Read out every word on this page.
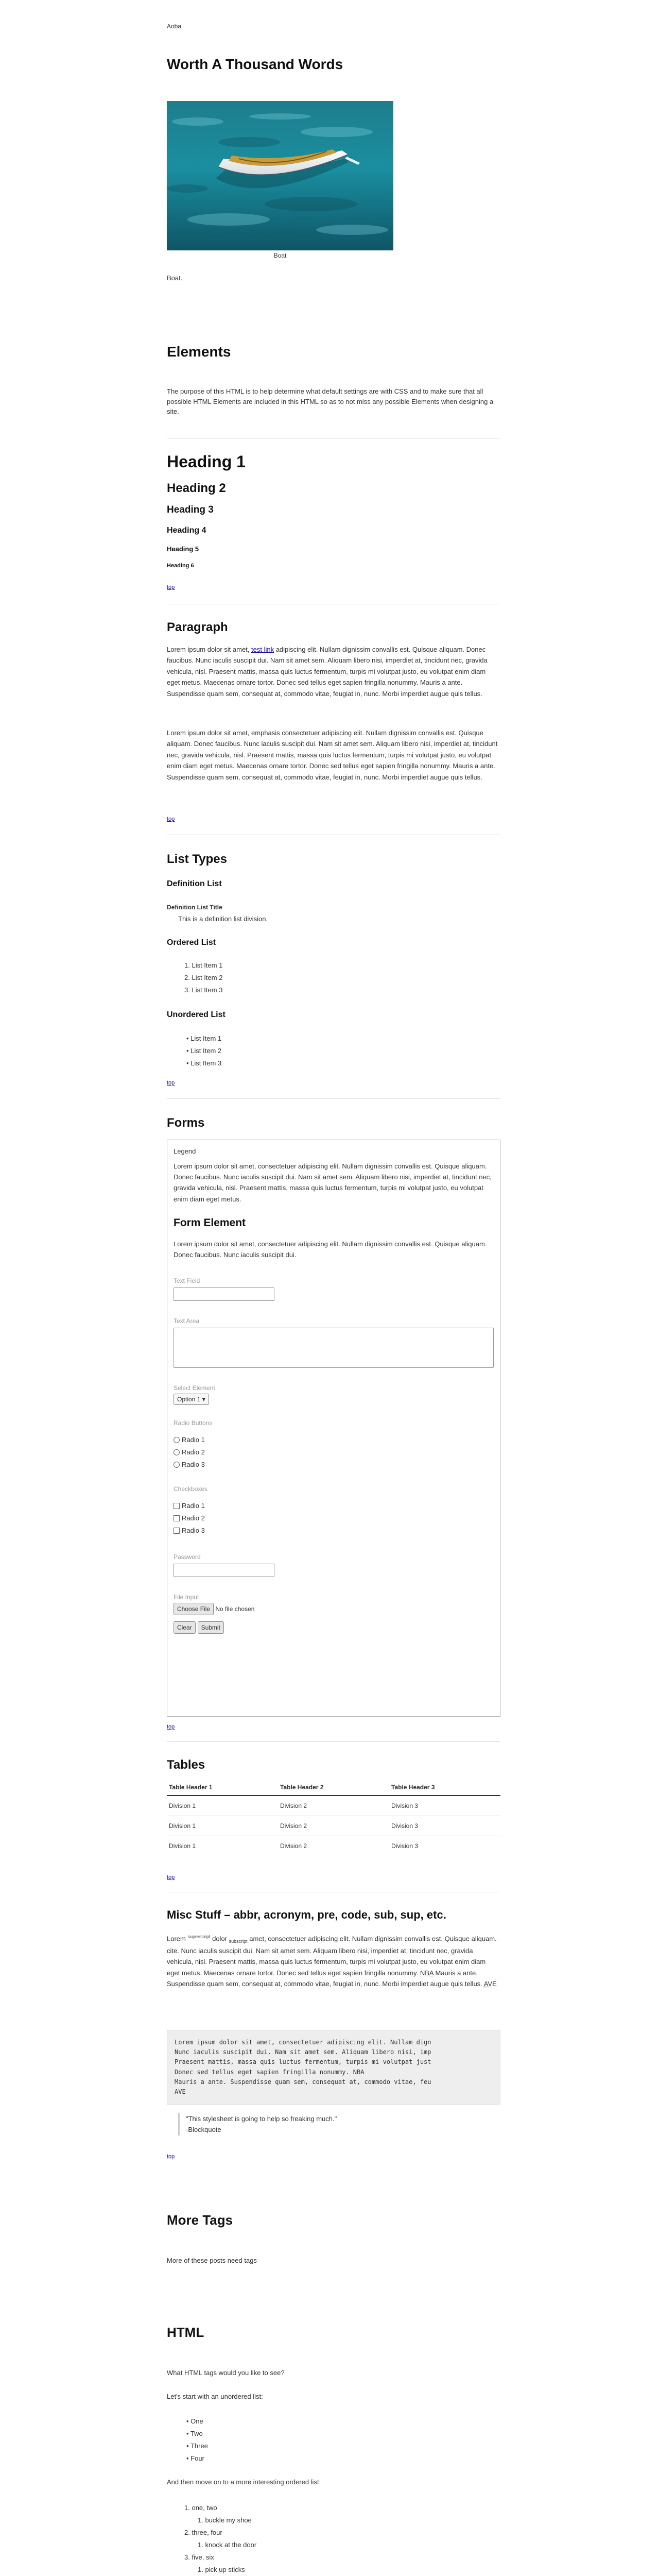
Aoba
Worth A Thousand Words
Boat
Boat.
Elements

The purpose of this HTML is to help determine what default settings are with CSS and to make sure that all possible HTML Elements are included in this HTML so as to not miss any possible Elements when designing a site.

Heading 1
Heading 2
Heading 3
Heading 4
Heading 5
Heading 6
top
Paragraph

Lorem ipsum dolor sit amet, test link adipiscing elit. Nullam dignissim convallis est. Quisque aliquam. Donec faucibus. Nunc iaculis suscipit dui. Nam sit amet sem. Aliquam libero nisi, imperdiet at, tincidunt nec, gravida vehicula, nisl. Praesent mattis, massa quis luctus fermentum, turpis mi volutpat justo, eu volutpat enim diam eget metus. Maecenas ornare tortor. Donec sed tellus eget sapien fringilla nonummy. Mauris a ante. Suspendisse quam sem, consequat at, commodo vitae, feugiat in, nunc. Morbi imperdiet augue quis tellus.

Lorem ipsum dolor sit amet, emphasis consectetuer adipiscing elit. Nullam dignissim convallis est. Quisque aliquam. Donec faucibus. Nunc iaculis suscipit dui. Nam sit amet sem. Aliquam libero nisi, imperdiet at, tincidunt nec, gravida vehicula, nisl. Praesent mattis, massa quis luctus fermentum, turpis mi volutpat justo, eu volutpat enim diam eget metus. Maecenas ornare tortor. Donec sed tellus eget sapien fringilla nonummy. Mauris a ante. Suspendisse quam sem, consequat at, commodo vitae, feugiat in, nunc. Morbi imperdiet augue quis tellus.

top
List Types
Definition List
Definition List Title
This is a definition list division.
Ordered List
1. List Item 1
2. List Item 2
3. List Item 3
Unordered List
• List Item 1
• List Item 2
• List Item 3
top
Forms
Legend

Lorem ipsum dolor sit amet, consectetuer adipiscing elit. Nullam dignissim convallis est. Quisque aliquam. Donec faucibus. Nunc iaculis suscipit dui. Nam sit amet sem. Aliquam libero nisi, imperdiet at, tincidunt nec, gravida vehicula, nisl. Praesent mattis, massa quis luctus fermentum, turpis mi volutpat justo, eu volutpat enim diam eget metus.

Form Element

Lorem ipsum dolor sit amet, consectetuer adipiscing elit. Nullam dignissim convallis est. Quisque aliquam. Donec faucibus. Nunc iaculis suscipit dui.

Text Field
Text Area
Select Element
Option 1 ▾
Radio Buttons
Radio 1
Radio 2
Radio 3
Checkboxes
Radio 1
Radio 2
Radio 3
Password
File Input
Choose File No file chosen
Clear Submit
top
Tables
Table Header 1	Table Header 2	Table Header 3
Division 1	Division 2	Division 3
Division 1	Division 2	Division 3
Division 1	Division 2	Division 3
top
Misc Stuff – abbr, acronym, pre, code, sub, sup, etc.

Lorem $^{superscript}$ dolor $_{subscript}$ amet, consectetuer adipiscing elit. Nullam dignissim convallis est. Quisque aliquam. cite. Nunc iaculis suscipit dui. Nam sit amet sem. Aliquam libero nisi, imperdiet at, tincidunt nec, gravida vehicula, nisl. Praesent mattis, massa quis luctus fermentum, turpis mi volutpat justo, eu volutpat enim diam eget metus. Maecenas ornare tortor. Donec sed tellus eget sapien fringilla nonummy. NBA Mauris a ante. Suspendisse quam sem, consequat at, commodo vitae, feugiat in, nunc. Morbi imperdiet augue quis tellus. AVE

Lorem ipsum dolor sit amet, consectetuer adipiscing elit. Nullam dign
Nunc iaculis suscipit dui. Nam sit amet sem. Aliquam libero nisi, imp
Praesent mattis, massa quis luctus fermentum, turpis mi volutpat just
Donec sed tellus eget sapien fringilla nonummy. NBA
Mauris a ante. Suspendisse quam sem, consequat at, commodo vitae, feu
AVE
"This stylesheet is going to help so freaking much."
-Blockquote
top
More Tags

More of these posts need tags

HTML

What HTML tags would you like to see?

Let's start with an unordered list:

• One
• Two
• Three
• Four

And then move on to a more interesting ordered list:

1. one, two
1. buckle my shoe
2. three, four
1. knock at the door
3. five, six
1. pick up sticks
